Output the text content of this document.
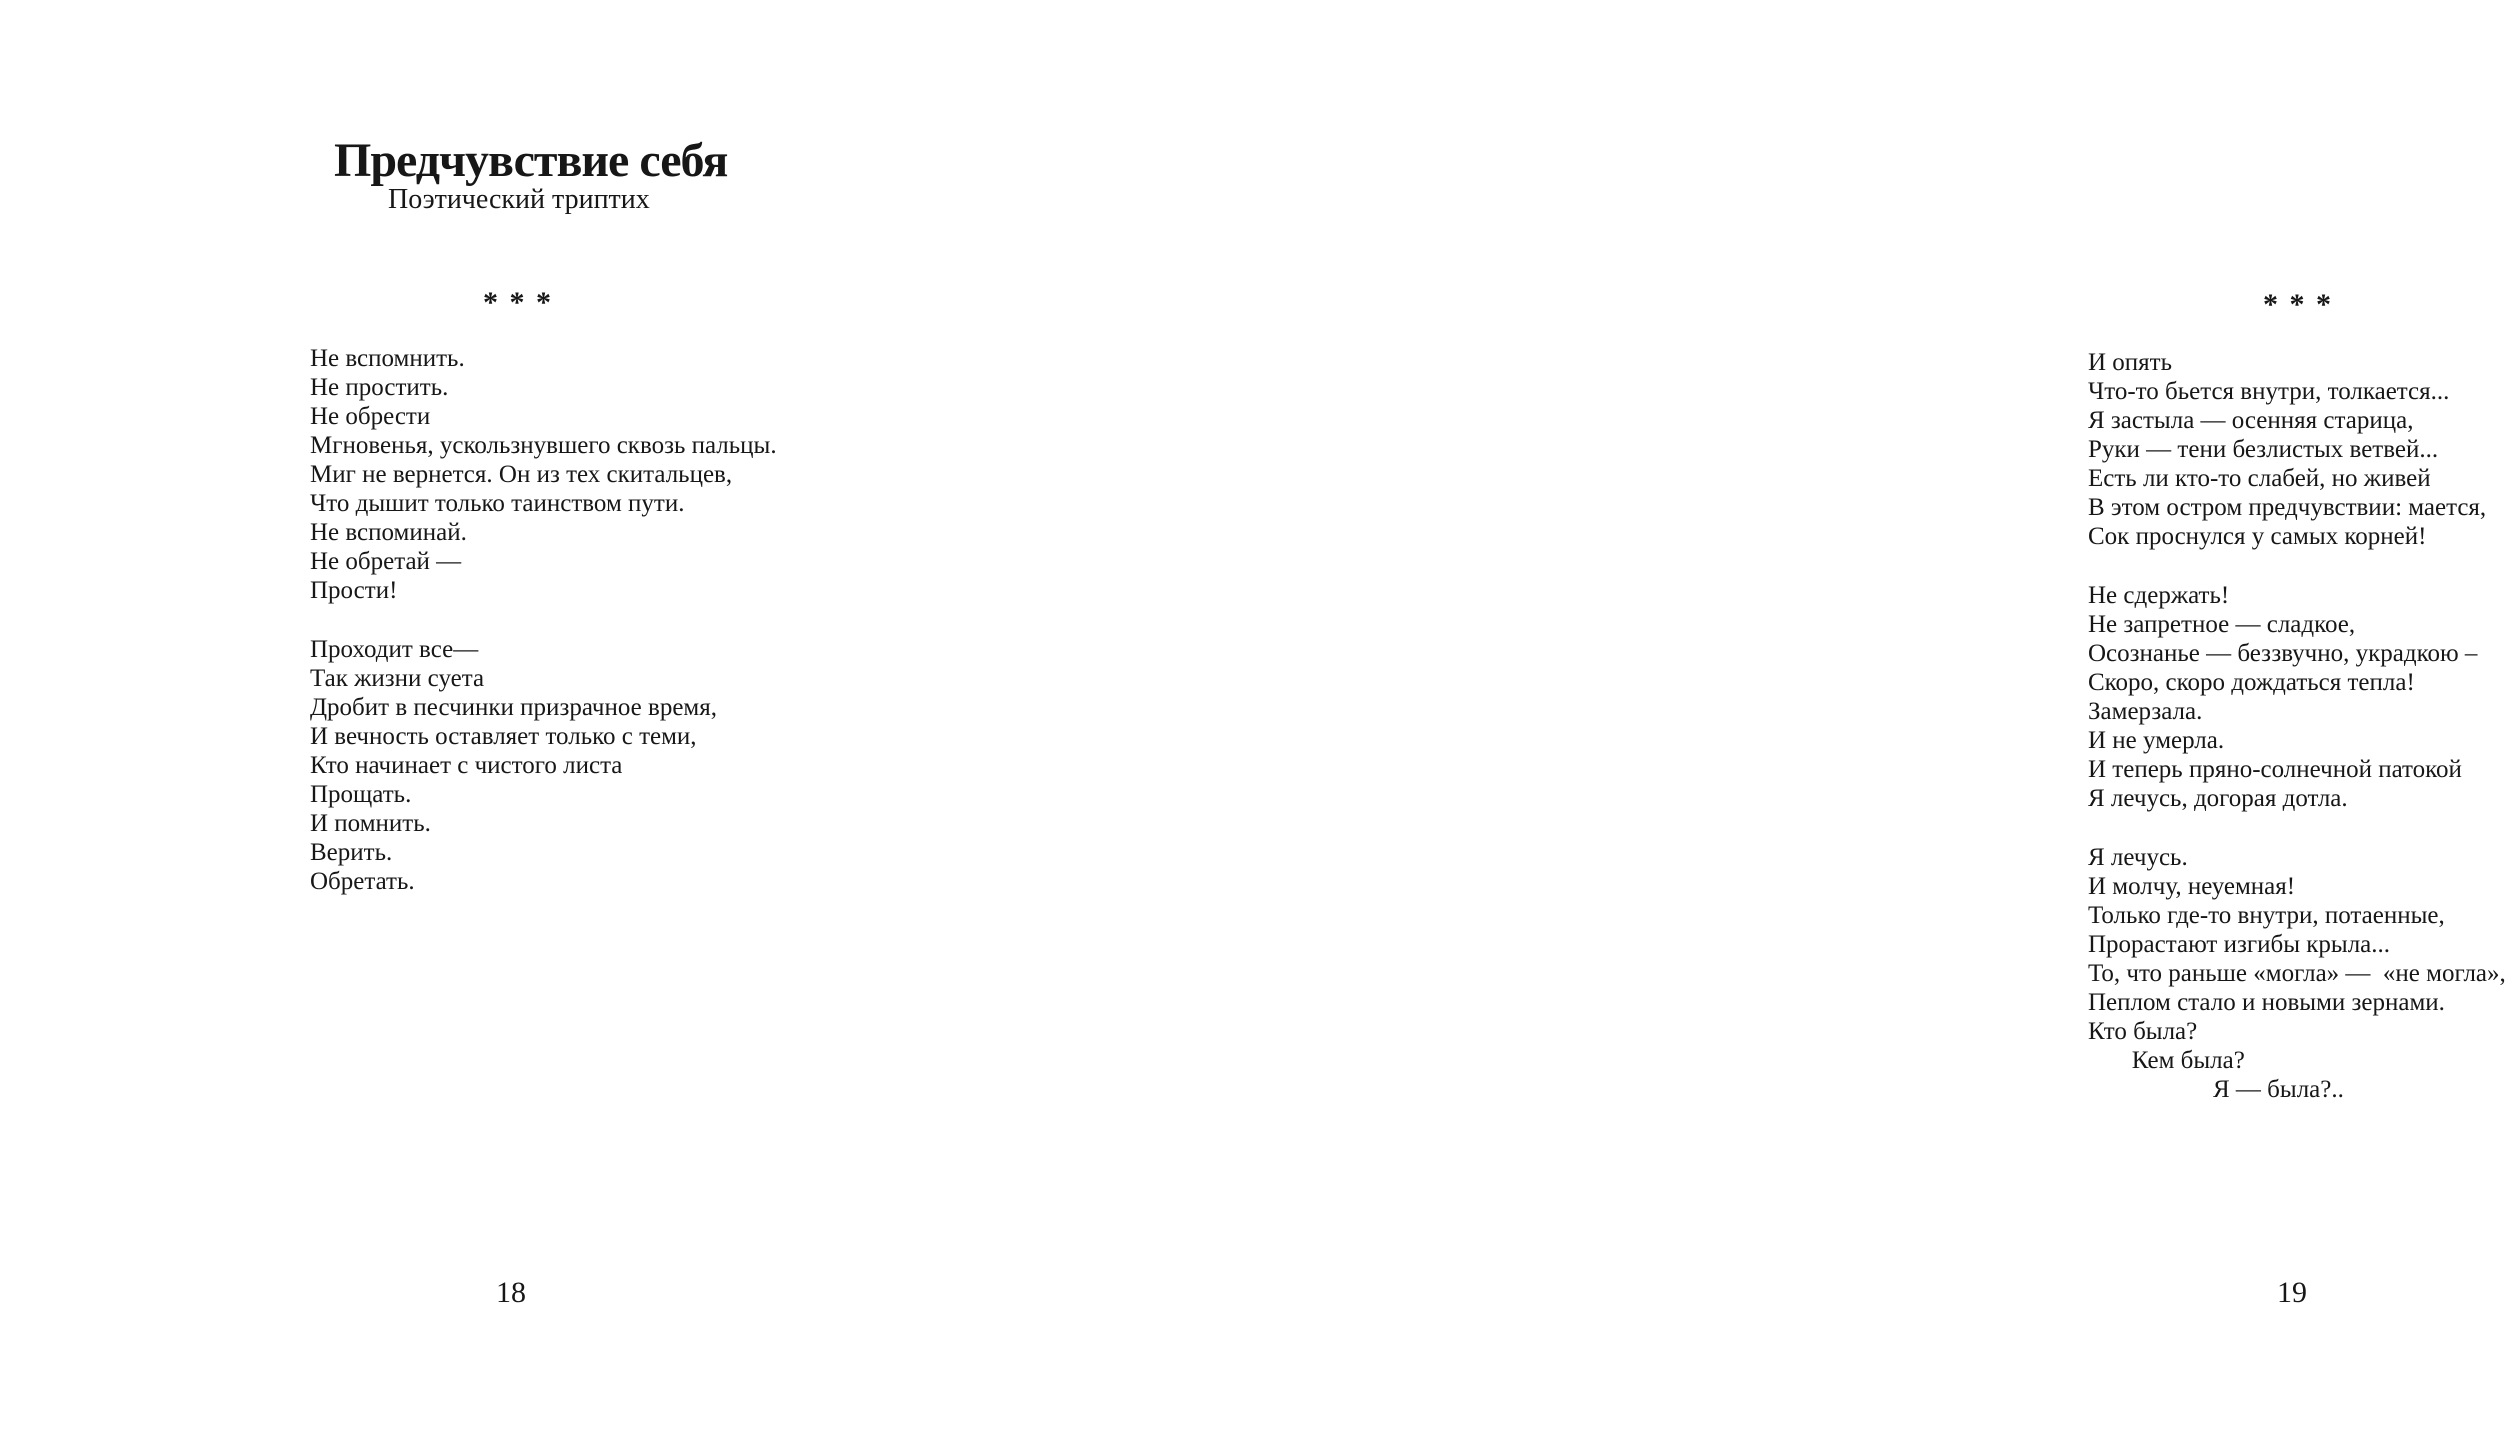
Предчувствие себя
Поэтический триптих
* * *
Не вспомнить.
Не простить.
Не обрести
Мгновенья, ускользнувшего сквозь пальцы.
Миг не вернется. Он из тех скитальцев,
Что дышит только таинством пути.
Не вспоминай.
Не обретай —
Прости!
Проходит все—
Так жизни суета
Дробит в песчинки призрачное время,
И вечность оставляет только с теми,
Кто начинает с чистого листа
Прощать.
И помнить.
Верить.
Обретать.
18
* * *
И опять
Что-то бьется внутри, толкается...
Я застыла — осенняя старица,
Руки — тени безлистых ветвей...
Есть ли кто-то слабей, но живей
В этом остром предчувствии: мается,
Сок проснулся у самых корней!
Не сдержать!
Не запретное — сладкое,
Осознанье — беззвучно, украдкою –
Скоро, скоро дождаться тепла!
Замерзала.
И не умерла.
И теперь пряно-солнечной патокой
Я лечусь, догорая дотла.
Я лечусь.
И молчу, неуемная!
Только где-то внутри, потаенные,
Прорастают изгибы крыла...
То, что раньше «могла» —  «не могла»,
Пеплом стало и новыми зернами.
Кто была?
Кем была?
Я — была?..
19
